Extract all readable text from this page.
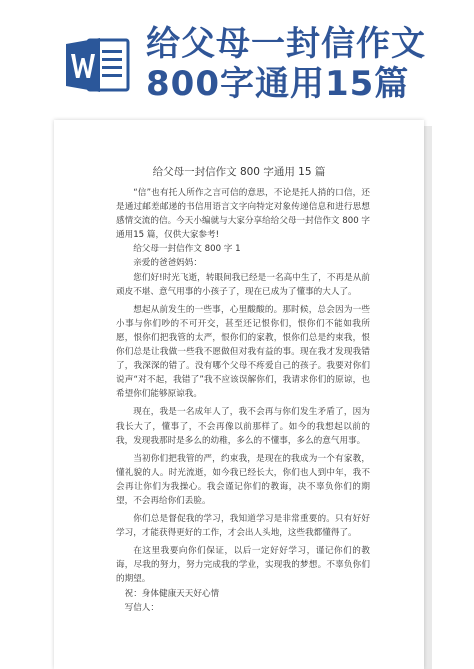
给父母一封信作文
800字通用15篇
给父母一封信作文 800 字通用 15 篇

“信”也有托人所作之言可信的意思，不论是托人捎的口信，还是通过邮差邮递的书信用语言文字向特定对象传递信息和进行思想感情交流的信。今天小编就与大家分享给给父母一封信作文 800 字通用15 篇，仅供大家参考!

给父母一封信作文 800 字 1

亲爱的爸爸妈妈：

您们好!时光飞逝，转眼间我已经是一名高中生了，不再是从前顽皮不堪、意气用事的小孩子了，现在已成为了懂事的大人了。

想起从前发生的一些事，心里酸酸的。那时候，总会因为一些小事与你们吵的不可开交，甚至还记恨你们，恨你们不能如我所愿，恨你们把我管的太严，恨你们的家教，恨你们总是约束我，恨你们总是让我做一些我不愿做但对我有益的事。现在我才发现我错了，我深深的错了。没有哪个父母不疼爱自己的孩子。我要对你们说声“对不起，我错了”我不应该误解你们，我请求你们的原谅，也希望你们能够原谅我。

现在，我是一名成年人了，我不会再与你们发生矛盾了，因为我长大了，懂事了，不会再像以前那样了。如今的我想起以前的我，发现我那时是多么的幼稚，多么的不懂事，多么的意气用事。

当初你们把我管的严，约束我，是现在的我成为一个有家教，懂礼貌的人。时光流逝，如今我已经长大，你们也人到中年，我不会再让你们为我操心。我会谨记你们的教诲，决不辜负你们的期望，不会再给你们丢脸。

你们总是督促我的学习，我知道学习是非常重要的。只有好好学习，才能获得更好的工作，才会出人头地，这些我都懂得了。

在这里我要向你们保证，以后一定好好学习，谨记你们的教诲，尽我的努力，努力完成我的学业，实现我的梦想。不辜负你们的期望。

祝：身体健康天天好心情

写信人：
